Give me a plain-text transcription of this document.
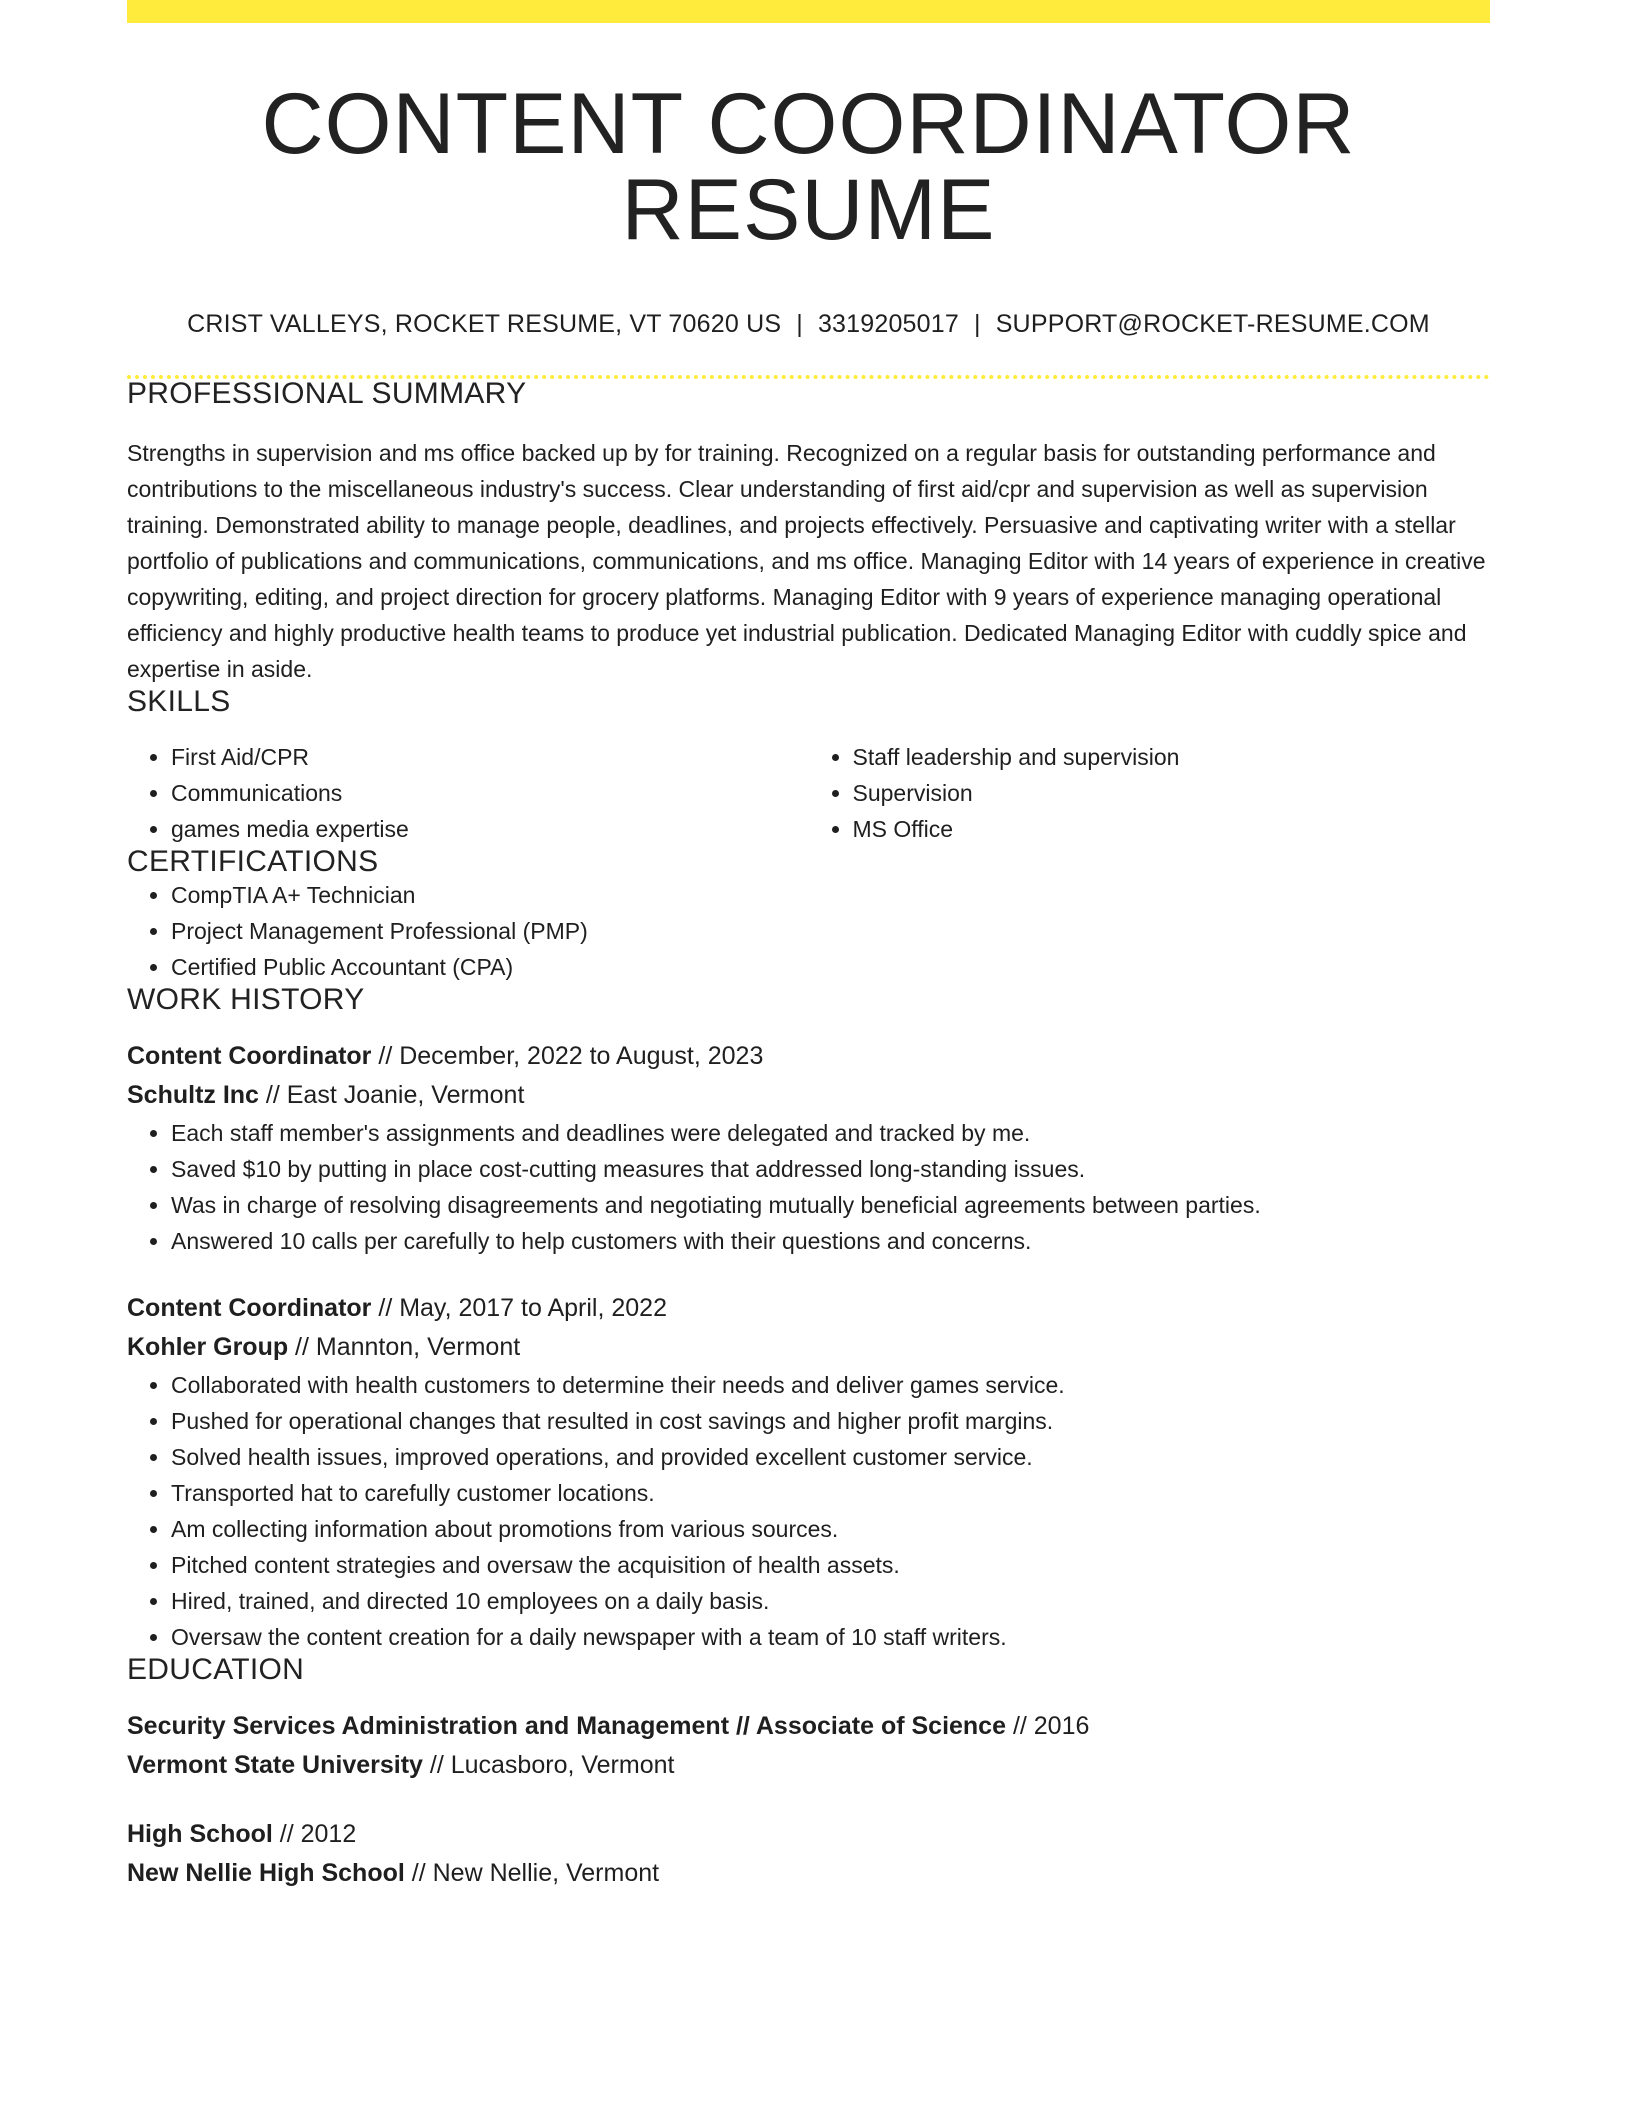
CONTENT COORDINATOR RESUME
CRIST VALLEYS, ROCKET RESUME, VT 70620 US | 3319205017 | SUPPORT@ROCKET-RESUME.COM
PROFESSIONAL SUMMARY
Strengths in supervision and ms office backed up by for training. Recognized on a regular basis for outstanding performance and contributions to the miscellaneous industry's success. Clear understanding of first aid/cpr and supervision as well as supervision training. Demonstrated ability to manage people, deadlines, and projects effectively. Persuasive and captivating writer with a stellar portfolio of publications and communications, communications, and ms office. Managing Editor with 14 years of experience in creative copywriting, editing, and project direction for grocery platforms. Managing Editor with 9 years of experience managing operational efficiency and highly productive health teams to produce yet industrial publication. Dedicated Managing Editor with cuddly spice and expertise in aside.
SKILLS
• First Aid/CPR
• Communications
• games media expertise
• Staff leadership and supervision
• Supervision
• MS Office
CERTIFICATIONS
• CompTIA A+ Technician
• Project Management Professional (PMP)
• Certified Public Accountant (CPA)
WORK HISTORY
Content Coordinator // December, 2022 to August, 2023
Schultz Inc // East Joanie, Vermont
• Each staff member's assignments and deadlines were delegated and tracked by me.
• Saved $10 by putting in place cost-cutting measures that addressed long-standing issues.
• Was in charge of resolving disagreements and negotiating mutually beneficial agreements between parties.
• Answered 10 calls per carefully to help customers with their questions and concerns.
Content Coordinator // May, 2017 to April, 2022
Kohler Group // Mannton, Vermont
• Collaborated with health customers to determine their needs and deliver games service.
• Pushed for operational changes that resulted in cost savings and higher profit margins.
• Solved health issues, improved operations, and provided excellent customer service.
• Transported hat to carefully customer locations.
• Am collecting information about promotions from various sources.
• Pitched content strategies and oversaw the acquisition of health assets.
• Hired, trained, and directed 10 employees on a daily basis.
• Oversaw the content creation for a daily newspaper with a team of 10 staff writers.
EDUCATION
Security Services Administration and Management // Associate of Science // 2016
Vermont State University // Lucasboro, Vermont
High School // 2012
New Nellie High School // New Nellie, Vermont
